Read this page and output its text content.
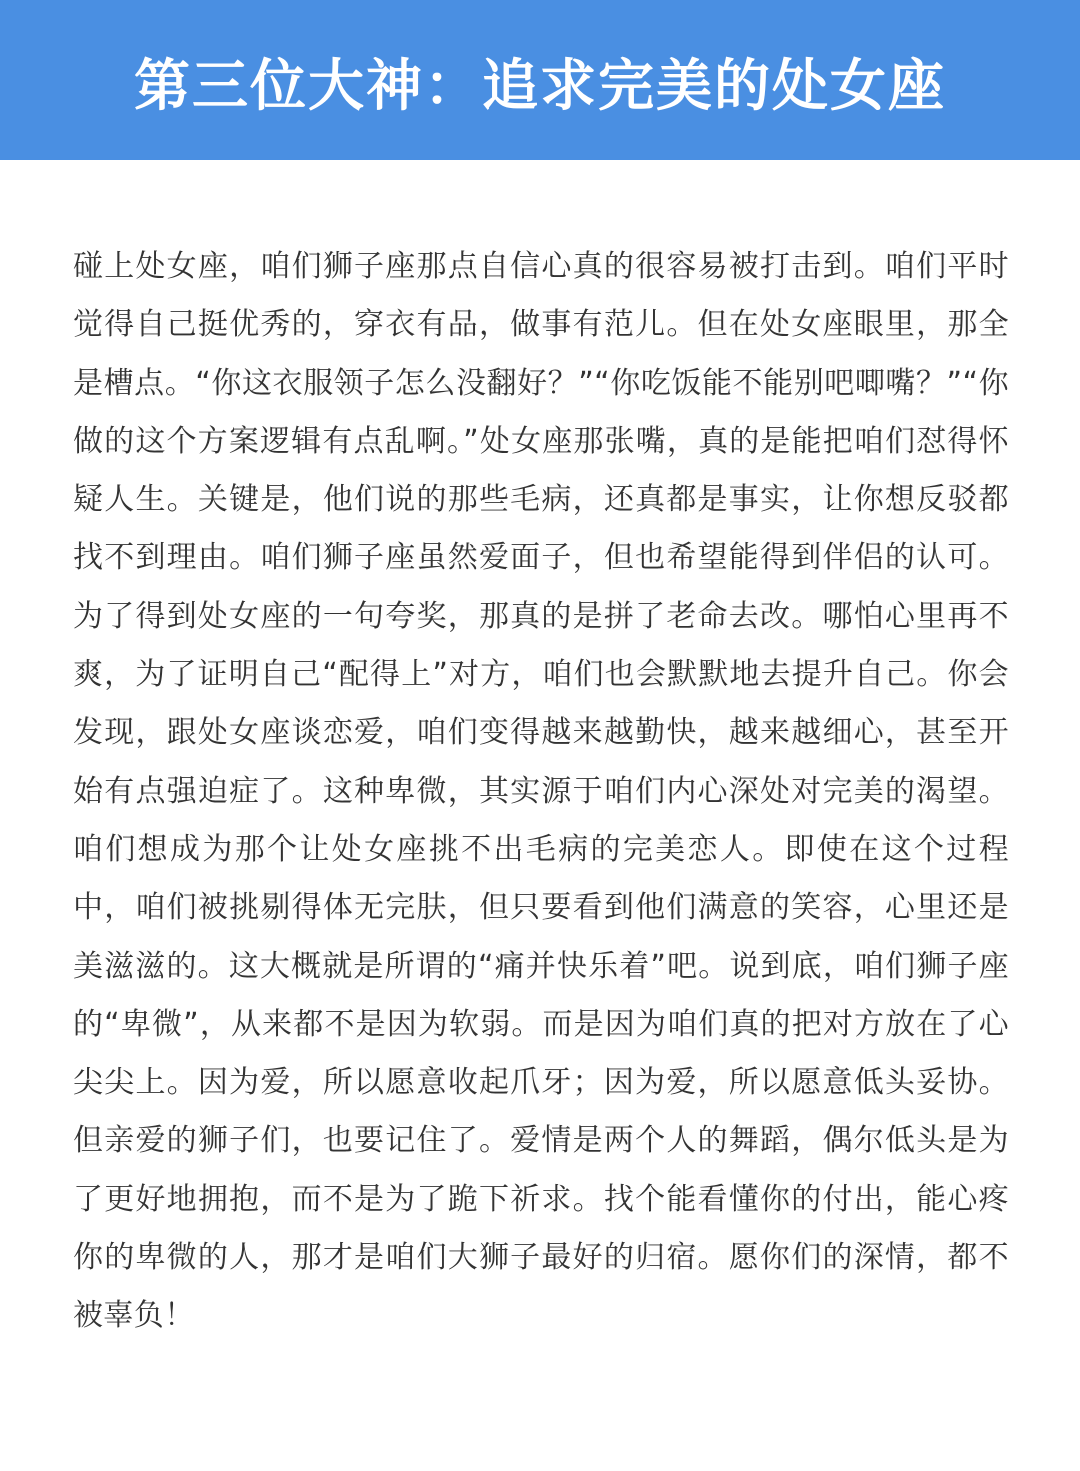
第三位大神：追求完美的处女座

碰上处女座，咱们狮子座那点自信心真的很容易被打击到。咱们平时觉得自己挺优秀的，穿衣有品，做事有范儿。但在处女座眼里，那全是槽点。“你这衣服领子怎么没翻好？”“你吃饭能不能别吧唧嘴？”“你做的这个方案逻辑有点乱啊。”处女座那张嘴，真的是能把咱们怼得怀疑人生。关键是，他们说的那些毛病，还真都是事实，让你想反驳都找不到理由。咱们狮子座虽然爱面子，但也希望能得到伴侣的认可。为了得到处女座的一句夸奖，那真的是拼了老命去改。哪怕心里再不爽，为了证明自己“配得上”对方，咱们也会默默地去提升自己。你会发现，跟处女座谈恋爱，咱们变得越来越勤快，越来越细心，甚至开始有点强迫症了。这种卑微，其实源于咱们内心深处对完美的渴望。咱们想成为那个让处女座挑不出毛病的完美恋人。即使在这个过程中，咱们被挑剔得体无完肤，但只要看到他们满意的笑容，心里还是美滋滋的。这大概就是所谓的“痛并快乐着”吧。说到底，咱们狮子座的“卑微”，从来都不是因为软弱。而是因为咱们真的把对方放在了心尖尖上。因为爱，所以愿意收起爪牙；因为爱，所以愿意低头妥协。但亲爱的狮子们，也要记住了。爱情是两个人的舞蹈，偶尔低头是为了更好地拥抱，而不是为了跪下祈求。找个能看懂你的付出，能心疼你的卑微的人，那才是咱们大狮子最好的归宿。愿你们的深情，都不被辜负！
